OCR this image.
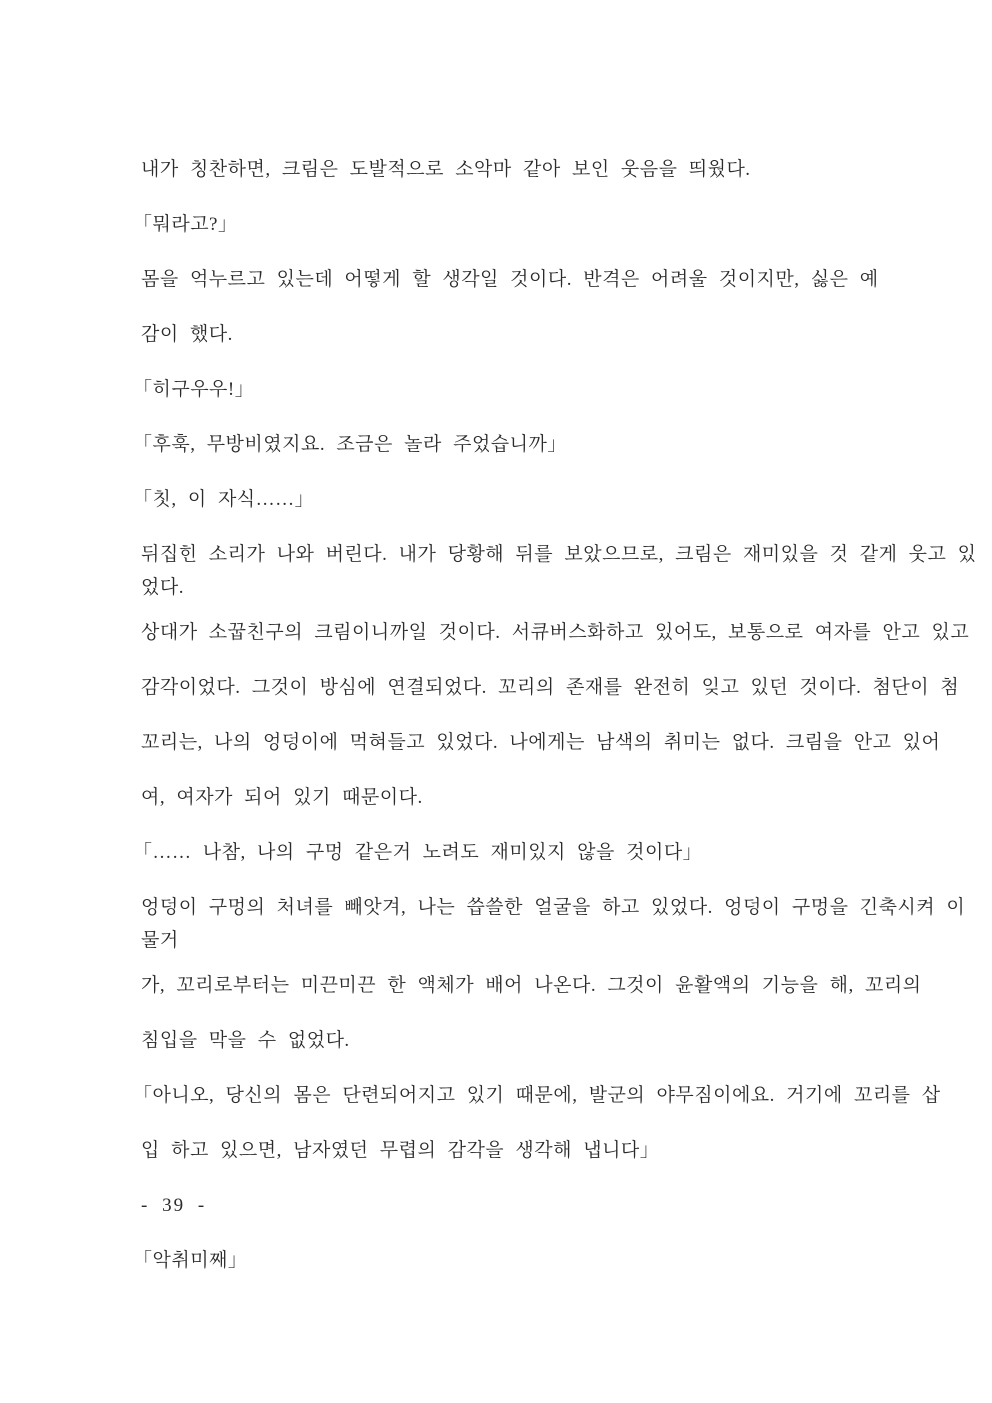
내가 칭찬하면, 크림은 도발적으로 소악마 같아 보인 웃음을 띄웠다.
「뭐라고?」
몸을 억누르고 있는데 어떻게 할 생각일 것이다. 반격은 어려울 것이지만, 싫은 예
감이 했다.
「히구우우!」
「후훅, 무방비였지요. 조금은 놀라 주었습니까」
「칫, 이 자식……」
뒤집힌 소리가 나와 버린다. 내가 당황해 뒤를 보았으므로, 크림은 재미있을 것 같게 웃고 있
었다.
상대가 소꿉친구의 크림이니까일 것이다. 서큐버스화하고 있어도, 보통으로 여자를 안고 있고
감각이었다. 그것이 방심에 연결되었다. 꼬리의 존재를 완전히 잊고 있던 것이다. 첨단이 첨
꼬리는, 나의 엉덩이에 먹혀들고 있었다. 나에게는 남색의 취미는 없다. 크림을 안고 있어
여, 여자가 되어 있기 때문이다.
「…… 나참, 나의 구멍 같은거 노려도 재미있지 않을 것이다」
엉덩이 구멍의 처녀를 빼앗겨, 나는 씁쓸한 얼굴을 하고 있었다. 엉덩이 구멍을 긴축시켜 이
물거
가, 꼬리로부터는 미끈미끈 한 액체가 배어 나온다. 그것이 윤활액의 기능을 해, 꼬리의
침입을 막을 수 없었다.
「아니오, 당신의 몸은 단련되어지고 있기 때문에, 발군의 야무짐이에요. 거기에 꼬리를 삽
입 하고 있으면, 남자였던 무렵의 감각을 생각해 냅니다」
- 39 -
「악취미째」
